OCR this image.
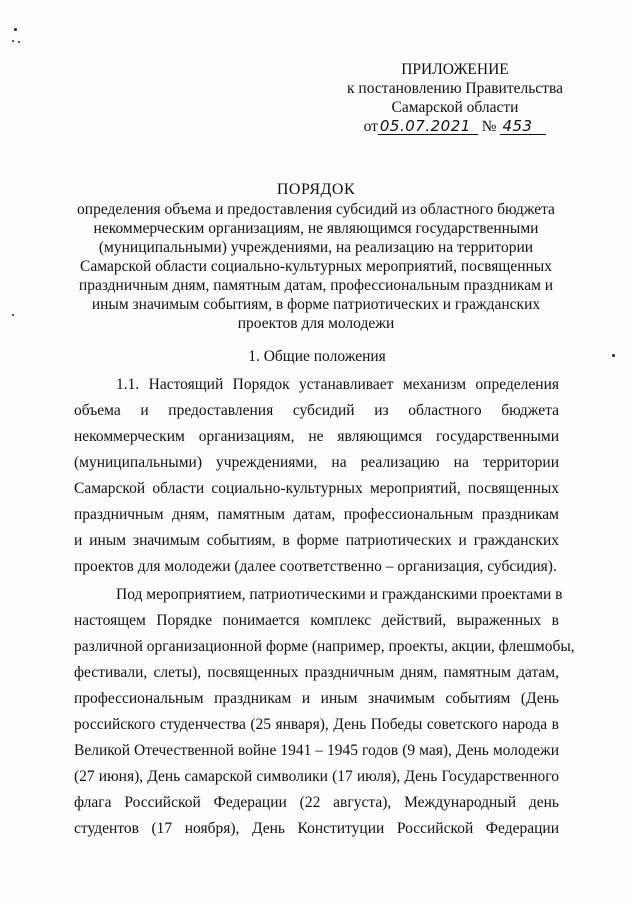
ПРИЛОЖЕНИЕ
к постановлению Правительства
Самарской области
от 05.07.2021 № 453
ПОРЯДОК
определения объема и предоставления субсидий из областного бюджета
некоммерческим организациям, не являющимся государственными
(муниципальными) учреждениями, на реализацию на территории
Самарской области социально-культурных мероприятий, посвященных
праздничным дням, памятным датам, профессиональным праздникам и
иным значимым событиям, в форме патриотических и гражданских
проектов для молодежи
1. Общие положения
1.1. Настоящий Порядок устанавливает механизм определения
объема и предоставления субсидий из областного бюджета
некоммерческим организациям, не являющимся государственными
(муниципальными) учреждениями, на реализацию на территории
Самарской области социально-культурных мероприятий, посвященных
праздничным дням, памятным датам, профессиональным праздникам
и иным значимым событиям, в форме патриотических и гражданских
проектов для молодежи (далее соответственно – организация, субсидия).
Под мероприятием, патриотическими и гражданскими проектами в
настоящем Порядке понимается комплекс действий, выраженных в
различной организационной форме (например, проекты, акции, флешмобы,
фестивали, слеты), посвященных праздничным дням, памятным датам,
профессиональным праздникам и иным значимым событиям (День
российского студенчества (25 января), День Победы советского народа в
Великой Отечественной войне 1941 – 1945 годов (9 мая), День молодежи
(27 июня), День самарской символики (17 июля), День Государственного
флага Российской Федерации (22 августа), Международный день
студентов (17 ноября), День Конституции Российской Федерации
